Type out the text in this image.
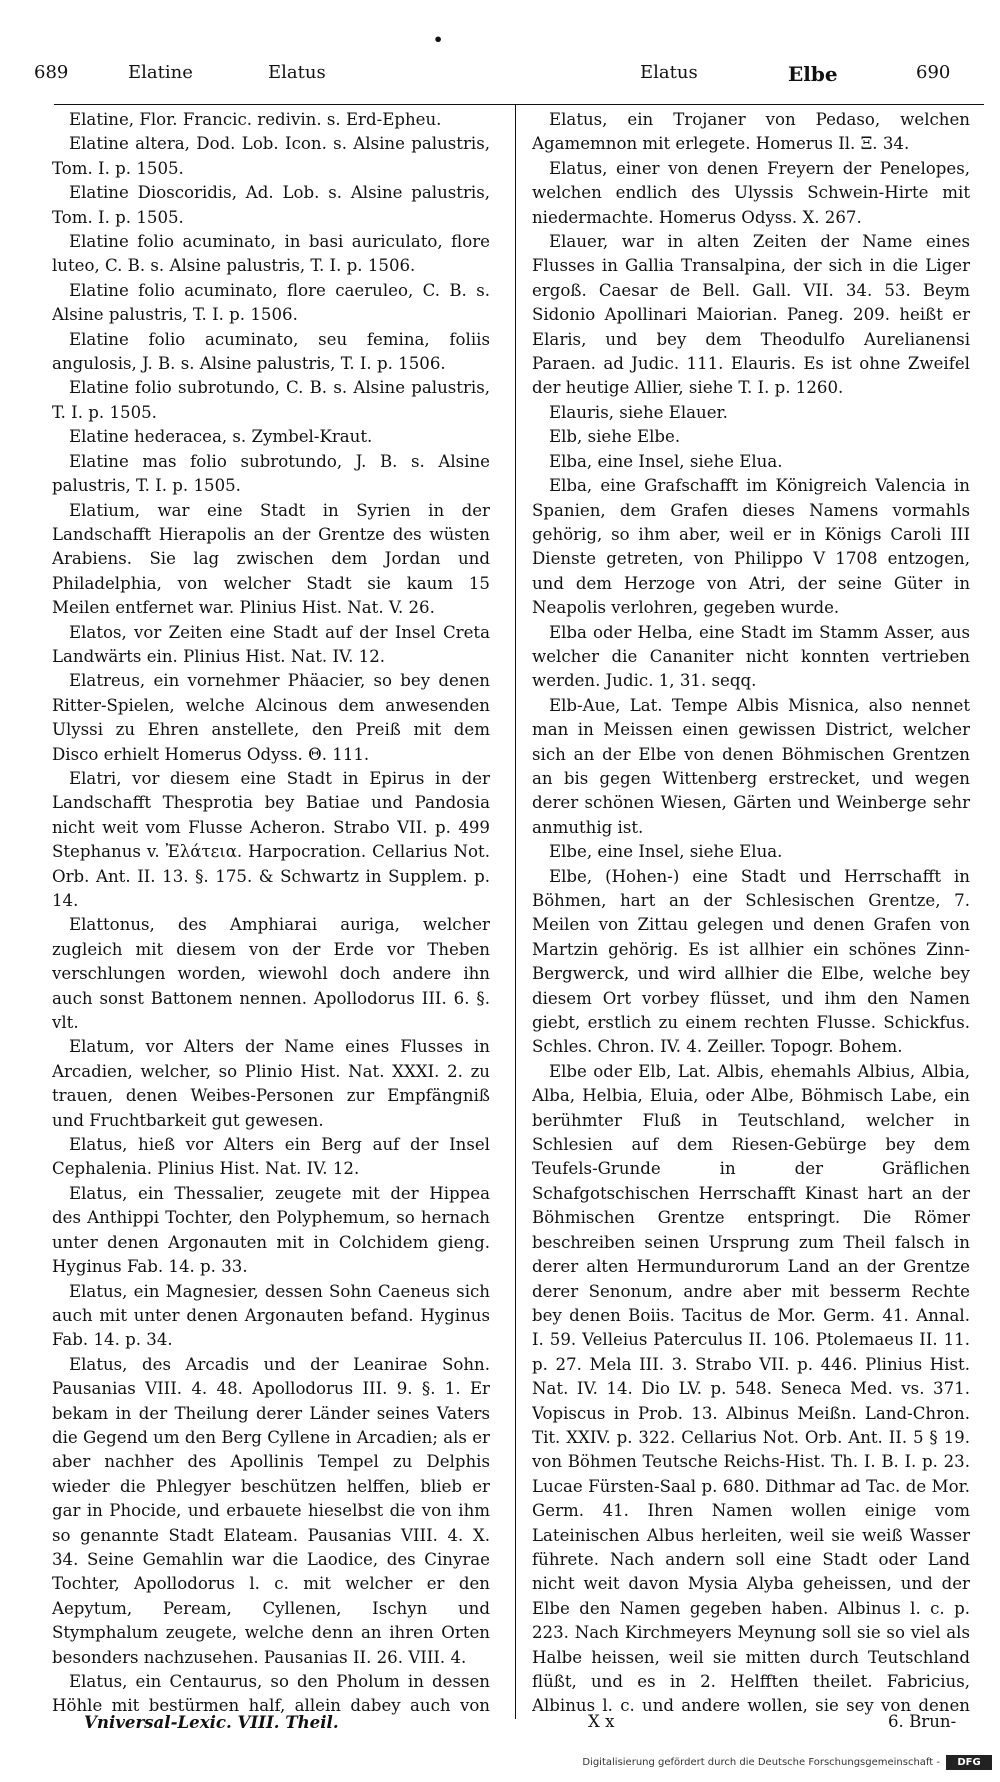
•
689	Elatine	Elatus	Elatus	Elbe	690

Elatine, Flor. Francic. redivin. s. Erd-Epheu.

Elatine altera, Dod. Lob. Icon. s. Alsine palustris, Tom. I. p. 1505.

Elatine Dioscoridis, Ad. Lob. s. Alsine palustris, Tom. I. p. 1505.

Elatine folio acuminato, in basi auriculato, flore luteo, C. B. s. Alsine palustris, T. I. p. 1506.

Elatine folio acuminato, flore caeruleo, C. B. s. Alsine palustris, T. I. p. 1506.

Elatine folio acuminato, seu femina, foliis angulosis, J. B. s. Alsine palustris, T. I. p. 1506.

Elatine folio subrotundo, C. B. s. Alsine palustris, T. I. p. 1505.

Elatine hederacea, s. Zymbel-Kraut.

Elatine mas folio subrotundo, J. B. s. Alsine palustris, T. I. p. 1505.

Elatium, war eine Stadt in Syrien in der Landschafft Hierapolis an der Grentze des wüsten Arabiens. Sie lag zwischen dem Jordan und Philadelphia, von welcher Stadt sie kaum 15 Meilen entfernet war. Plinius Hist. Nat. V. 26.

Elatos, vor Zeiten eine Stadt auf der Insel Creta Landwärts ein. Plinius Hist. Nat. IV. 12.

Elatreus, ein vornehmer Phäacier, so bey denen Ritter-Spielen, welche Alcinous dem anwesenden Ulyssi zu Ehren anstellete, den Preiß mit dem Disco erhielt Homerus Odyss. Θ. 111.

Elatri, vor diesem eine Stadt in Epirus in der Landschafft Thesprotia bey Batiae und Pandosia nicht weit vom Flusse Acheron. Strabo VII. p. 499 Stephanus v. Ἐλάτεια. Harpocration. Cellarius Not. Orb. Ant. II. 13. §. 175. & Schwartz in Supplem. p. 14.

Elattonus, des Amphiarai auriga, welcher zugleich mit diesem von der Erde vor Theben verschlungen worden, wiewohl doch andere ihn auch sonst Battonem nennen. Apollodorus III. 6. §. vlt.

Elatum, vor Alters der Name eines Flusses in Arcadien, welcher, so Plinio Hist. Nat. XXXI. 2. zu trauen, denen Weibes-Personen zur Empfängniß und Fruchtbarkeit gut gewesen.

Elatus, hieß vor Alters ein Berg auf der Insel Cephalenia. Plinius Hist. Nat. IV. 12.

Elatus, ein Thessalier, zeugete mit der Hippea des Anthippi Tochter, den Polyphemum, so hernach unter denen Argonauten mit in Colchidem gieng. Hyginus Fab. 14. p. 33.

Elatus, ein Magnesier, dessen Sohn Caeneus sich auch mit unter denen Argonauten befand. Hyginus Fab. 14. p. 34.

Elatus, des Arcadis und der Leanirae Sohn. Pausanias VIII. 4. 48. Apollodorus III. 9. §. 1. Er bekam in der Theilung derer Länder seines Vaters die Gegend um den Berg Cyllene in Arcadien; als er aber nachher des Apollinis Tempel zu Delphis wieder die Phlegyer beschützen helffen, blieb er gar in Phocide, und erbauete hieselbst die von ihm so genannte Stadt Elateam. Pausanias VIII. 4. X. 34. Seine Gemahlin war die Laodice, des Cinyrae Tochter, Apollodorus l. c. mit welcher er den Aepytum, Peream, Cyllenen, Ischyn und Stymphalum zeugete, welche denn an ihren Orten besonders nachzusehen. Pausanias II. 26. VIII. 4.

Elatus, ein Centaurus, so den Pholum in dessen Höhle mit bestürmen half, allein dabey auch von

Elatus, ein Trojaner von Pedaso, welchen Agamemnon mit erlegete. Homerus Il. Ξ. 34.

Elatus, einer von denen Freyern der Penelopes, welchen endlich des Ulyssis Schwein-Hirte mit niedermachte. Homerus Odyss. X. 267.

Elauer, war in alten Zeiten der Name eines Flusses in Gallia Transalpina, der sich in die Liger ergoß. Caesar de Bell. Gall. VII. 34. 53. Beym Sidonio Apollinari Maiorian. Paneg. 209. heißt er Elaris, und bey dem Theodulfo Aurelianensi Paraen. ad Judic. 111. Elauris. Es ist ohne Zweifel der heutige Allier, siehe T. I. p. 1260.

Elauris, siehe Elauer.

Elb, siehe Elbe.

Elba, eine Insel, siehe Elua.

Elba, eine Grafschafft im Königreich Valencia in Spanien, dem Grafen dieses Namens vormahls gehörig, so ihm aber, weil er in Königs Caroli III Dienste getreten, von Philippo V 1708 entzogen, und dem Herzoge von Atri, der seine Güter in Neapolis verlohren, gegeben wurde.

Elba oder Helba, eine Stadt im Stamm Asser, aus welcher die Cananiter nicht konnten vertrieben werden. Judic. 1, 31. seqq.

Elb-Aue, Lat. Tempe Albis Misnica, also nennet man in Meissen einen gewissen District, welcher sich an der Elbe von denen Böhmischen Grentzen an bis gegen Wittenberg erstrecket, und wegen derer schönen Wiesen, Gärten und Weinberge sehr anmuthig ist.

Elbe, eine Insel, siehe Elua.

Elbe, (Hohen-) eine Stadt und Herrschafft in Böhmen, hart an der Schlesischen Grentze, 7. Meilen von Zittau gelegen und denen Grafen von Martzin gehörig. Es ist allhier ein schönes Zinn-Bergwerck, und wird allhier die Elbe, welche bey diesem Ort vorbey flüsset, und ihm den Namen giebt, erstlich zu einem rechten Flusse. Schickfus. Schles. Chron. IV. 4. Zeiller. Topogr. Bohem.

Elbe oder Elb, Lat. Albis, ehemahls Albius, Albia, Alba, Helbia, Eluia, oder Albe, Böhmisch Labe, ein berühmter Fluß in Teutschland, welcher in Schlesien auf dem Riesen-Gebürge bey dem Teufels-Grunde in der Gräflichen Schafgotschischen Herrschafft Kinast hart an der Böhmischen Grentze entspringt. Die Römer beschreiben seinen Ursprung zum Theil falsch in derer alten Hermundurorum Land an der Grentze derer Senonum, andre aber mit besserm Rechte bey denen Boiis. Tacitus de Mor. Germ. 41. Annal. I. 59. Velleius Paterculus II. 106. Ptolemaeus II. 11. p. 27. Mela III. 3. Strabo VII. p. 446. Plinius Hist. Nat. IV. 14. Dio LV. p. 548. Seneca Med. vs. 371. Vopiscus in Prob. 13. Albinus Meißn. Land-Chron. Tit. XXIV. p. 322. Cellarius Not. Orb. Ant. II. 5 § 19. von Böhmen Teutsche Reichs-Hist. Th. I. B. I. p. 23. Lucae Fürsten-Saal p. 680. Dithmar ad Tac. de Mor. Germ. 41. Ihren Namen wollen einige vom Lateinischen Albus herleiten, weil sie weiß Wasser führete. Nach andern soll eine Stadt oder Land nicht weit davon Mysia Alyba geheissen, und der Elbe den Namen gegeben haben. Albinus l. c. p. 223. Nach Kirchmeyers Meynung soll sie so viel als Halbe heissen, weil sie mitten durch Teutschland flüßt, und es in 2. Helfften theilet. Fabricius, Albinus l. c. und andere wollen, sie sey von denen

Vniversal-Lexic. VIII. Theil.	X x	6. Brun-
Digitalisierung gefördert durch die Deutsche Forschungsgemeinschaft -	DFG
